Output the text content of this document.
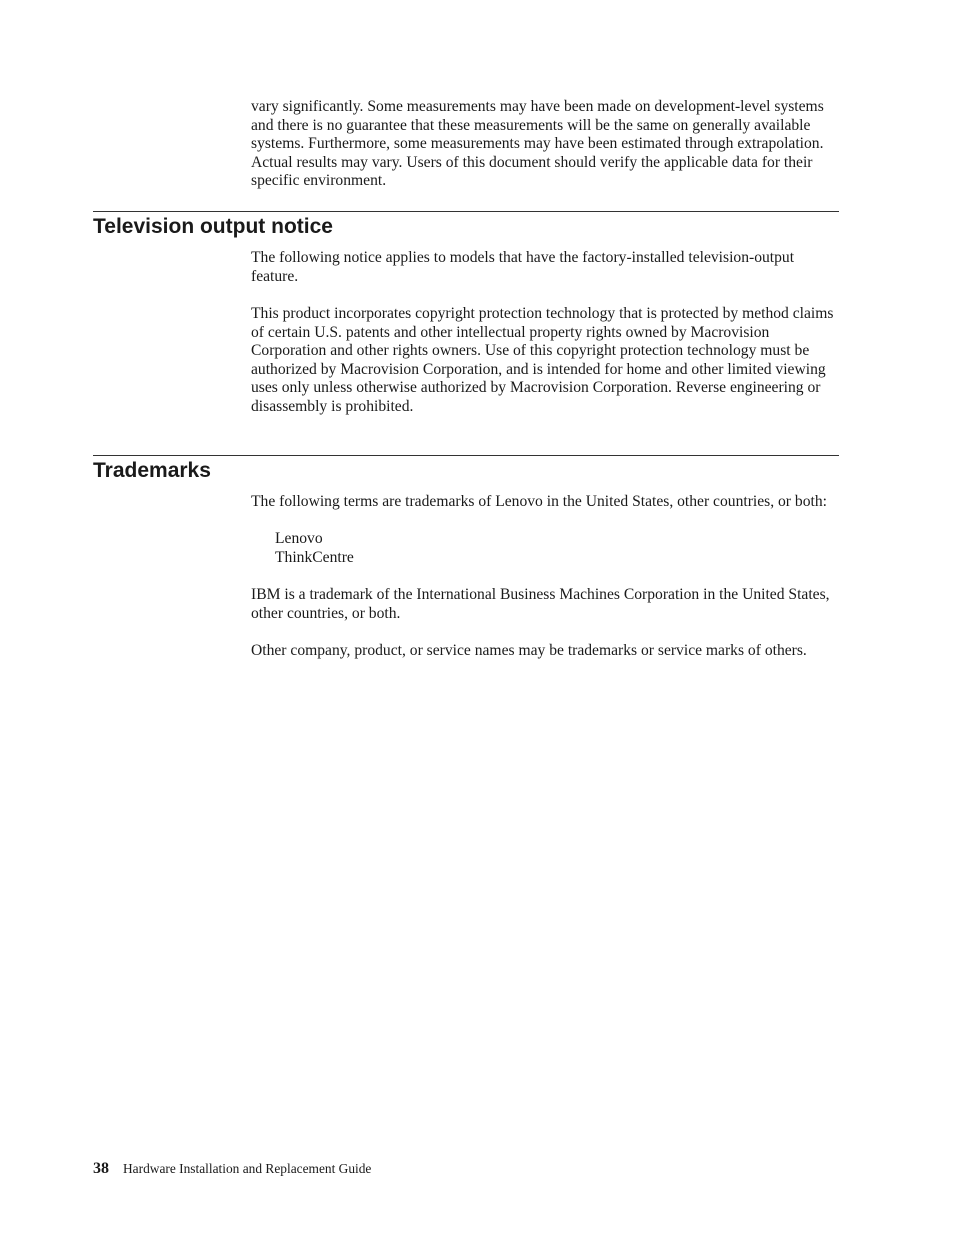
vary significantly. Some measurements may have been made on development-level systems and there is no guarantee that these measurements will be the same on generally available systems. Furthermore, some measurements may have been estimated through extrapolation. Actual results may vary. Users of this document should verify the applicable data for their specific environment.

Television output notice

The following notice applies to models that have the factory-installed television-output feature.

This product incorporates copyright protection technology that is protected by method claims of certain U.S. patents and other intellectual property rights owned by Macrovision Corporation and other rights owners. Use of this copyright protection technology must be authorized by Macrovision Corporation, and is intended for home and other limited viewing uses only unless otherwise authorized by Macrovision Corporation. Reverse engineering or disassembly is prohibited.

Trademarks

The following terms are trademarks of Lenovo in the United States, other countries, or both:

Lenovo
ThinkCentre

IBM is a trademark of the International Business Machines Corporation in the United States, other countries, or both.

Other company, product, or service names may be trademarks or service marks of others.

38 Hardware Installation and Replacement Guide
